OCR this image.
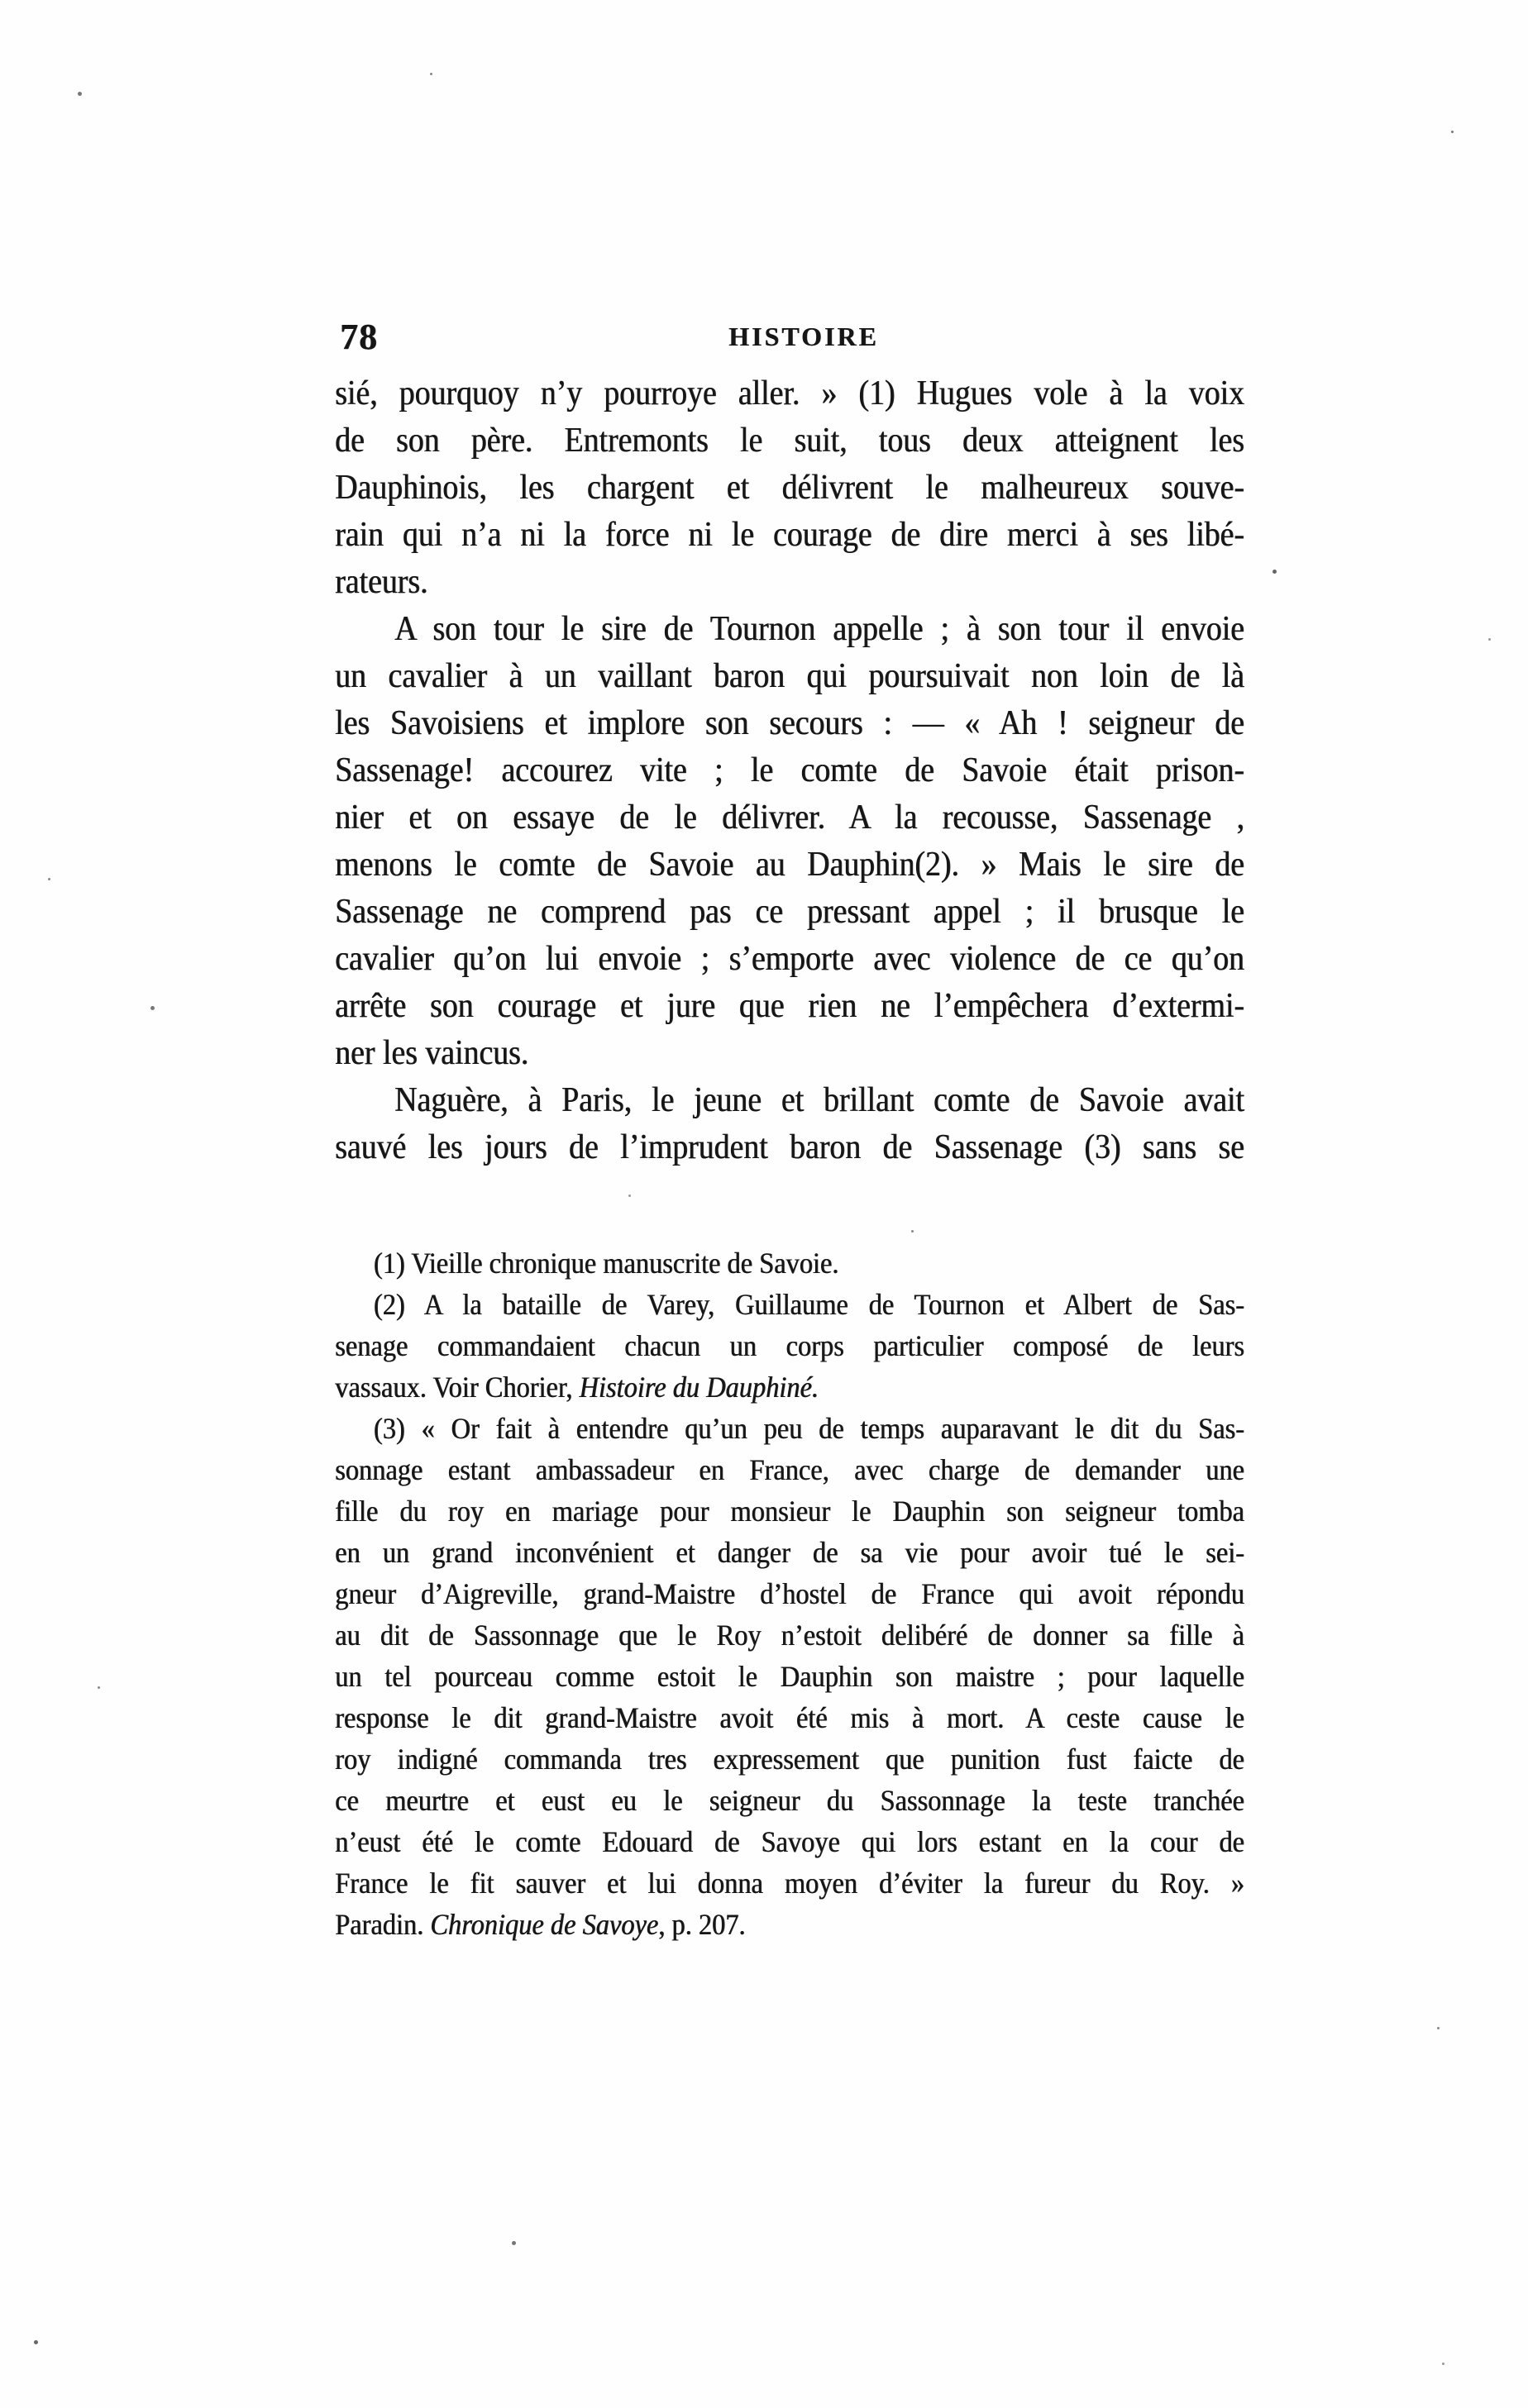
78	HISTOIRE
sié, pourquoy n’y pourroye aller. » (1) Hugues vole à la voix
de son père. Entremonts le suit, tous deux atteignent les
Dauphinois, les chargent et délivrent le malheureux souve-
rain qui n’a ni la force ni le courage de dire merci à ses libé-
rateurs.
A son tour le sire de Tournon appelle ; à son tour il envoie
un cavalier à un vaillant baron qui poursuivait non loin de là
les Savoisiens et implore son secours : — « Ah ! seigneur de
Sassenage! accourez vite ; le comte de Savoie était prison-
nier et on essaye de le délivrer. A la recousse, Sassenage ,
menons le comte de Savoie au Dauphin(2). » Mais le sire de
Sassenage ne comprend pas ce pressant appel ; il brusque le
cavalier qu’on lui envoie ; s’emporte avec violence de ce qu’on
arrête son courage et jure que rien ne l’empêchera d’extermi-
ner les vaincus.
Naguère, à Paris, le jeune et brillant comte de Savoie avait
sauvé les jours de l’imprudent baron de Sassenage (3) sans se
(1) Vieille chronique manuscrite de Savoie.
(2) A la bataille de Varey, Guillaume de Tournon et Albert de Sas-
senage commandaient chacun un corps particulier composé de leurs
vassaux. Voir Chorier, Histoire du Dauphiné.
(3) « Or fait à entendre qu’un peu de temps auparavant le dit du Sas-
sonnage estant ambassadeur en France, avec charge de demander une
fille du roy en mariage pour monsieur le Dauphin son seigneur tomba
en un grand inconvénient et danger de sa vie pour avoir tué le sei-
gneur d’Aigreville, grand-Maistre d’hostel de France qui avoit répondu
au dit de Sassonnage que le Roy n’estoit delibéré de donner sa fille à
un tel pourceau comme estoit le Dauphin son maistre ; pour laquelle
response le dit grand-Maistre avoit été mis à mort. A ceste cause le
roy indigné commanda tres expressement que punition fust faicte de
ce meurtre et eust eu le seigneur du Sassonnage la teste tranchée
n’eust été le comte Edouard de Savoye qui lors estant en la cour de
France le fit sauver et lui donna moyen d’éviter la fureur du Roy. »
Paradin. Chronique de Savoye, p. 207.
